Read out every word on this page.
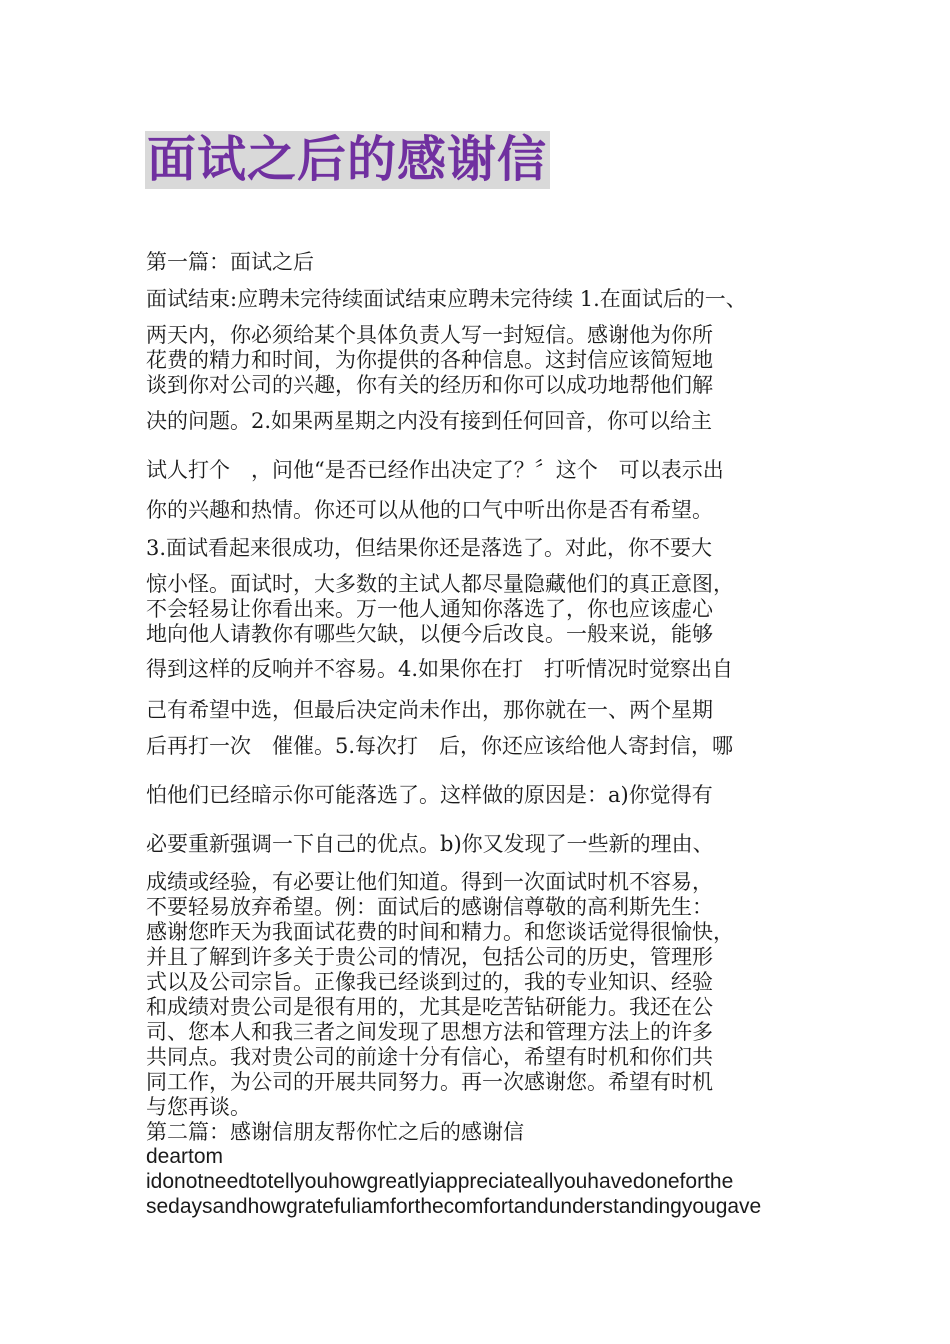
面试之后的感谢信
第一篇：面试之后
面试结束:应聘未完待续面试结束应聘未完待续 1.在面试后的一、
两天内，你必须给某个具体负责人写一封短信。感谢他为你所
花费的精力和时间，为你提供的各种信息。这封信应该简短地
谈到你对公司的兴趣，你有关的经历和你可以成功地帮他们解
决的问题。2.如果两星期之内没有接到任何回音，你可以给主
试人打个　，问他“是否已经作出决定了？〞这个　可以表示出
你的兴趣和热情。你还可以从他的口气中听出你是否有希望。
3.面试看起来很成功，但结果你还是落选了。对此，你不要大
惊小怪。面试时，大多数的主试人都尽量隐藏他们的真正意图，
不会轻易让你看出来。万一他人通知你落选了，你也应该虚心
地向他人请教你有哪些欠缺，以便今后改良。一般来说，能够
得到这样的反响并不容易。4.如果你在打　打听情况时觉察出自
己有希望中选，但最后决定尚未作出，那你就在一、两个星期
后再打一次　催催。5.每次打　后，你还应该给他人寄封信，哪
怕他们已经暗示你可能落选了。这样做的原因是：a)你觉得有
必要重新强调一下自己的优点。b)你又发现了一些新的理由、
成绩或经验，有必要让他们知道。得到一次面试时机不容易，
不要轻易放弃希望。例：面试后的感谢信尊敬的高利斯先生：
感谢您昨天为我面试花费的时间和精力。和您谈话觉得很愉快，
并且了解到许多关于贵公司的情况，包括公司的历史，管理形
式以及公司宗旨。正像我已经谈到过的，我的专业知识、经验
和成绩对贵公司是很有用的，尤其是吃苦钻研能力。我还在公
司、您本人和我三者之间发现了思想方法和管理方法上的许多
共同点。我对贵公司的前途十分有信心，希望有时机和你们共
同工作，为公司的开展共同努力。再一次感谢您。希望有时机
与您再谈。
第二篇：感谢信朋友帮你忙之后的感谢信
deartom
idonotneedtotellyouhowgreatlyiappreciateallyouhavedoneforthe
sedaysandhowgratefuliamforthecomfortandunderstandingyougave
